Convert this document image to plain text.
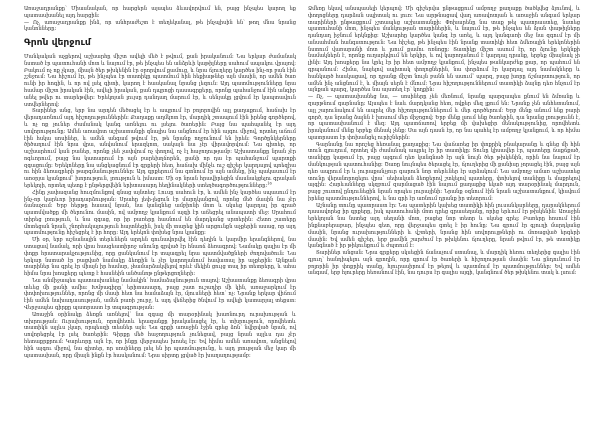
Առաջադրանքը՝ Միասնական, որ հարցերն այսպես ձևավորվում են, բայց ինչպես կարող եք պատասխանել այդ հարցին։

— Ոչ, առաջադրանքը ինձ, որ անհրաժեշտ է տեղեկանալ, թե ինչպիսին են՝ թող մնա նրանց կանոնները։

Գրոն վերջում

Մանկական աչքերով աշխարհը միշտ ավելի մեծ է թվում, քան իրականում։ Նա երկար ժամանակ նստած էր պատուհանի մոտ և նայում էր, թե ինչպես են անձրևի կաթիլները սահում ապակու վրայով։ Բակում ոչ ոք չկար, միայն ծեր թխկենին էր օրորվում քամուց, և նրա ճյուղերը կարծես ինչ-որ բան էին շշնջում։ Նա հիշում էր, թե ինչպես էր տատիկը պատմում հին հեքիաթներ այն մասին, որ ամեն ծառ ունի իր հոգին, և որ ով լսել գիտի, կարող է հասկանալ նրանց լեզուն։ Այդ պատմությունները նրա համար միշտ իրական էին, ավելի իրական, քան դպրոցի դասագրքերը, որոնք պահանջում էին անգիր անել թվեր ու տարեթվեր։ Երեկոյան լույսը դանդաղ մարում էր, և սենյակը լցվում էր կապտավուն ստվերներով։

Տարիներ անց, երբ նա արդեն մեծացել էր և ապրում էր բոլորովին այլ քաղաքում, հաճախ էր վերադառնում այդ հիշողություններին։ Քաղաքը աղմկոտ էր, մարդիկ շտապում էին իրենց գործերով, և ոչ ոք չուներ ժամանակ կանգ առնելու ու լսելու ծառերին։ Բայց նա պահպանել էր այդ սովորությունը։ Ամեն առավոտ աշխատանքի գնալիս նա անցնում էր հին այգու միջով, որտեղ աճում էին հսկա սոսիներ, և ամեն անգամ թվում էր, թե նրանք ողջունում են իրեն։ Գործընկերները ծիծաղում էին նրա վրա, անվանում երազկոտ, սակայն նա չէր վիրավորվում։ Նա գիտեր, որ աշխարհում կան բաներ, որոնք չեն չափվում ոչ փողով, ոչ էլ հաջողությամբ։ Աշխատանքը նրան չէր ոգևորում, բայց նա կատարում էր այն բարեխղճորեն, քանի որ դա էր պահանջում պարտքի զգացումը։ Երեկոները նա անցկացնում էր գրքերի հետ, հաճախ մինչև ուշ գիշեր կարդալով պոեզիա ու հին ձեռագրերի թարգմանություններ։ Այդ գրքերում նա գտնում էր այն ամենը, ինչ պակասում էր առօրյա կյանքում՝ խորություն, լռություն և իմաստ։ Մի օր նրան հրավիրեցին մասնակցելու գրական երեկոյի, որտեղ պետք է ընթերցվեին երիտասարդ հեղինակների ստեղծագործությունները։$^{16}$

Հինը չափազանց հուզմունքով գնաց այնտեղ։ Լուսը սահուն էր, և ամեն ինչ կարծես սպասում էր ինչ-որ կարևոր իրադարձության։ Սրահը լեփ-լեցուն էր մարդկանցով, որոնց մեծ մասին նա չէր ճանաչում։ Երբ հերթը հասավ նրան, նա կանգնեց ամբիոնի մոտ և սկսեց կարդալ իր գրած պատմվածքը մի ծերունու մասին, ով ամբողջ կյանքում այգի էր աճեցրել անապատի մեջ։ Սրահում տիրեց լռություն, և նա զգաց, որ իր բառերը հասնում են մարդկանց սրտերին։ Հետո շատերը մոտեցան նրան, շնորհակալություն հայտնեցին, իսկ մի տարեց կին արցունքն աչքերին ասաց, որ այդ պատմությունը հիշեցրել է իր հորը։ Այդ երեկոն փոխեց նրա կյանքը։

Մի օր, երբ աշնանային տերևներն արդեն գունավորվել էին դեղին և կարմիր երանգներով, նա ստացավ նամակ, որի վրա հասցեատիրոջ անունը գրված էր հնաոճ ձեռագրով։ Նամակը գալիս էր մի փոքր հրատարակչությունից, որը ցանկանում էր տպագրել նրա պատմվածքների ժողովածուն։ Նա երկար նստած էր բացված նամակը ձեռքին և չէր կարողանում հավատալ իր աչքերին։ Այնքան տարիներ նա գրել էր միայն իր համար, չհամարձակվելով որևէ մեկին ցույց տալ իր տետրերը, և ահա հիմա նրա խոսքերը պետք է հասնեին անծանոթ ընթերցողների։

Նա անմիջապես պատասխանեց նամակին՝ համաձայնություն տալով։ Աշխատանքը ձեռագրի վրա տևեց մի քանի ամիս։ Խմբագիրը՝ երիտասարդ, բայց շատ ուշադիր մի կին, առաջարկում էր փոփոխություններ, որոնց մի մասի հետ նա համաձայն էր, մյուսների հետ՝ ոչ։ Նրանք երկար վիճում էին ամեն նախադասության, ամեն բառի շուրջ, և այդ վեճերից ծնվում էր ավելի կատարյալ տեքստ։ Վերջապես գիրքը պատրաստ էր տպագրության։

Առաջին օրինակը ձեռքն առնելով՝ նա զգաց մի տարօրինակ խառնուրդ ուրախության և տխրության։ Ուրախություն, որովհետև երազանքը իրականացել էր, և տխրություն, որովհետև տատիկն այլևս չկար, որպեսզի տեսներ այն։ Նա գրքի առաջին էջին գրեց ձոն՝ նվիրված նրան, ով սովորեցրել էր լսել ծառերին։ Գիրքը մեծ հաջողություն չունեցավ, բայց նրան այլևս դա չէր հետաքրքրում։ Կարևորը այն էր, որ ինքը վերջապես խոսել էր։ Եվ հիմա ամեն առավոտ, անցնելով հին այգու միջով, նա գիտեր, որ սոսիները լսել են իր պատմությունը, և այդ լռության մեջ կար մի պատասխան, որը միայն ինքն էր հասկանում։ Նրա սիրտը լցված էր խաղաղությամբ։

Ձմեռը եկավ անսպասելի կերպով։ Մի գիշերվա ընթացքում ամբողջ քաղաքը ծածկվեց ձյունով, և փողոցները դարձան սպիտակ ու լուռ։ Նա արթնացավ վաղ առավոտյան և առաջին անգամ երկար տարիների ընթացքում չշտապեց աշխատանքի։ Փոխարենը նա տաք թեյ պատրաստեց, նստեց պատուհանի մոտ, ինչպես մանկության տարիներին, և նայում էր, թե ինչպես են ձյան փաթիլները դանդաղ իջնում երկնքից։ Աշխարհը կարծես կանգ էր առել, և այդ կանգառի մեջ նա զգում էր մի անսահման հանգստություն։ Նա հիշեց, թե ինչպես էին նրանք տատիկի հետ ձմեռային երեկոներին նստում վառարանի մոտ և լսում քամու ոռնոցը։ Տատիկը միշտ ասում էր, որ ձյունը երկնքի նամակներն է, որոնք ուղարկվում են երկիր, և ով կարողանում է կարդալ դրանք, երբեք միայնակ չի լինի։ Այդ խոսքերը նա կրել էր իր հետ ամբողջ կյանքում, ինչպես թանկարժեք քար, որ պահում են գրպանում։ Հիմա, նայելով սպիտակ փողոցներին, նա փորձում էր կարդալ այդ նամակները և հանկարծ հասկացավ, որ դրանք միշտ նույն բանն են ասում՝ պարզ, բայց խորը ճշմարտություն, որ ամեն ինչ անցնում է, և միայն սերն է մնում։ Նրա հիշողություններում տատիկի ձայնը դեռ հնչում էր այնքան պարզ, կարծես նա այստեղ էր՝ կողքին։

— Ոչ, — պատասխանեց նա, — սոսիները չեն մեռնում, նրանք պարզապես քնում են ձմռանը և զարթնում գարնանը։ Այսպես է նաև մարդկանց հետ, ովքեր մեզ լքում են։ Նրանք չեն անհետանում, այլ շարունակում են ապրել մեր հիշողություններում և մեր գործերում։ Երբ մենք անում ենք բարի գործ, դա նրանց ձայնն է խոսում մեր միջոցով։ Երբ մենք լսում ենք ծառերին, դա նրանց լռությունն է, որ պատասխանում է մեզ։ Այդ պատճառով երբեք մի վախեցիր մենակությունից, որովհետև իրականում մենք երբեք մենակ չենք։ Սա այն դասն էր, որ նա պահել էր ամբողջ կյանքում, և որ հիմա պատրաստ էր փոխանցել ուրիշներին։

Գարնանը նա որոշեց հեռանալ քաղաքից։ Նա վաճառեց իր փոքրիկ բնակարանը և գնեց մի հին տուն գյուղում, որտեղ մի ժամանակ ապրել էր իր տատիկը։ Տունը կիսավեր էր, պատերը ճաքճքած, տանիքը կաթում էր, բայց այգում դեռ կանգնած էր այն նույն ծեր թխկենին, որին նա նայում էր մանկության պատուհանից։ Ծառը նույնպես ծերացել էր, ճյուղերից մի քանիսը չորացել էին, բայց այն դեռ ապրում էր և յուրաքանչյուր գարուն նոր տերևներ էր արձակում։ Նա ամբողջ ամառ աշխատեց տունը վերանորոգելու վրա՝ սեփական ձեռքերով շտկելով պատերը, փոխելով տանիքը և մաքրելով այգին։ Հարևանները սկզբում զարմացած էին նայում քաղաքից եկած այդ տարօրինակ մարդուն, բայց շուտով ընդունեցին նրան որպես յուրայինի։ Նրանք օգնում էին նրան աշխատանքում, կիսվում իրենց պատմություններով, և նա գրի էր առնում դրանք իր տետրում։

Աշնանը տունը պատրաստ էր։ Նա պատերին կախեց տատիկի հին լուսանկարները, դարակներում դասավորեց իր գրքերը, իսկ պատուհանի մոտ դրեց գրասեղանը, որից երևում էր թխկենին։ Առաջին երեկոյան նա նստեց այդ սեղանի մոտ, բացեց նոր տետր և սկսեց գրել։ Բառերը հոսում էին ինքնաբերաբար, ինչպես գետ, որը վերջապես գտել է իր հունը։ Նա գրում էր գյուղի մարդկանց մասին, նրանց ուրախությունների և վշտերի, նրանց հին սովորույթների ու մոռացված երգերի մասին։ Եվ ամեն գիշեր, երբ քամին շարժում էր թխկենու ճյուղերը, նրան թվում էր, թե տատիկը կանգնած է իր թիկունքում և ժպտում է։

Տարիներ անցան։ Նրա գրքերը սկսեցին ճանաչում ստանալ, և մարդիկ հեռու տեղերից գալիս էին գյուղ՝ հանդիպելու այն գրողին, որը գրում էր ծառերի և հիշողության մասին։ Նա ընդունում էր բոլորին իր փոքրիկ տանը, հյուրասիրում էր թեյով և պատմում էր պատմություններ։ Եվ ամեն անգամ, երբ հյուրերը հեռանում էին, նա դուրս էր գալիս այգի, կանգնում ծեր թխկենու տակ և լսում։
